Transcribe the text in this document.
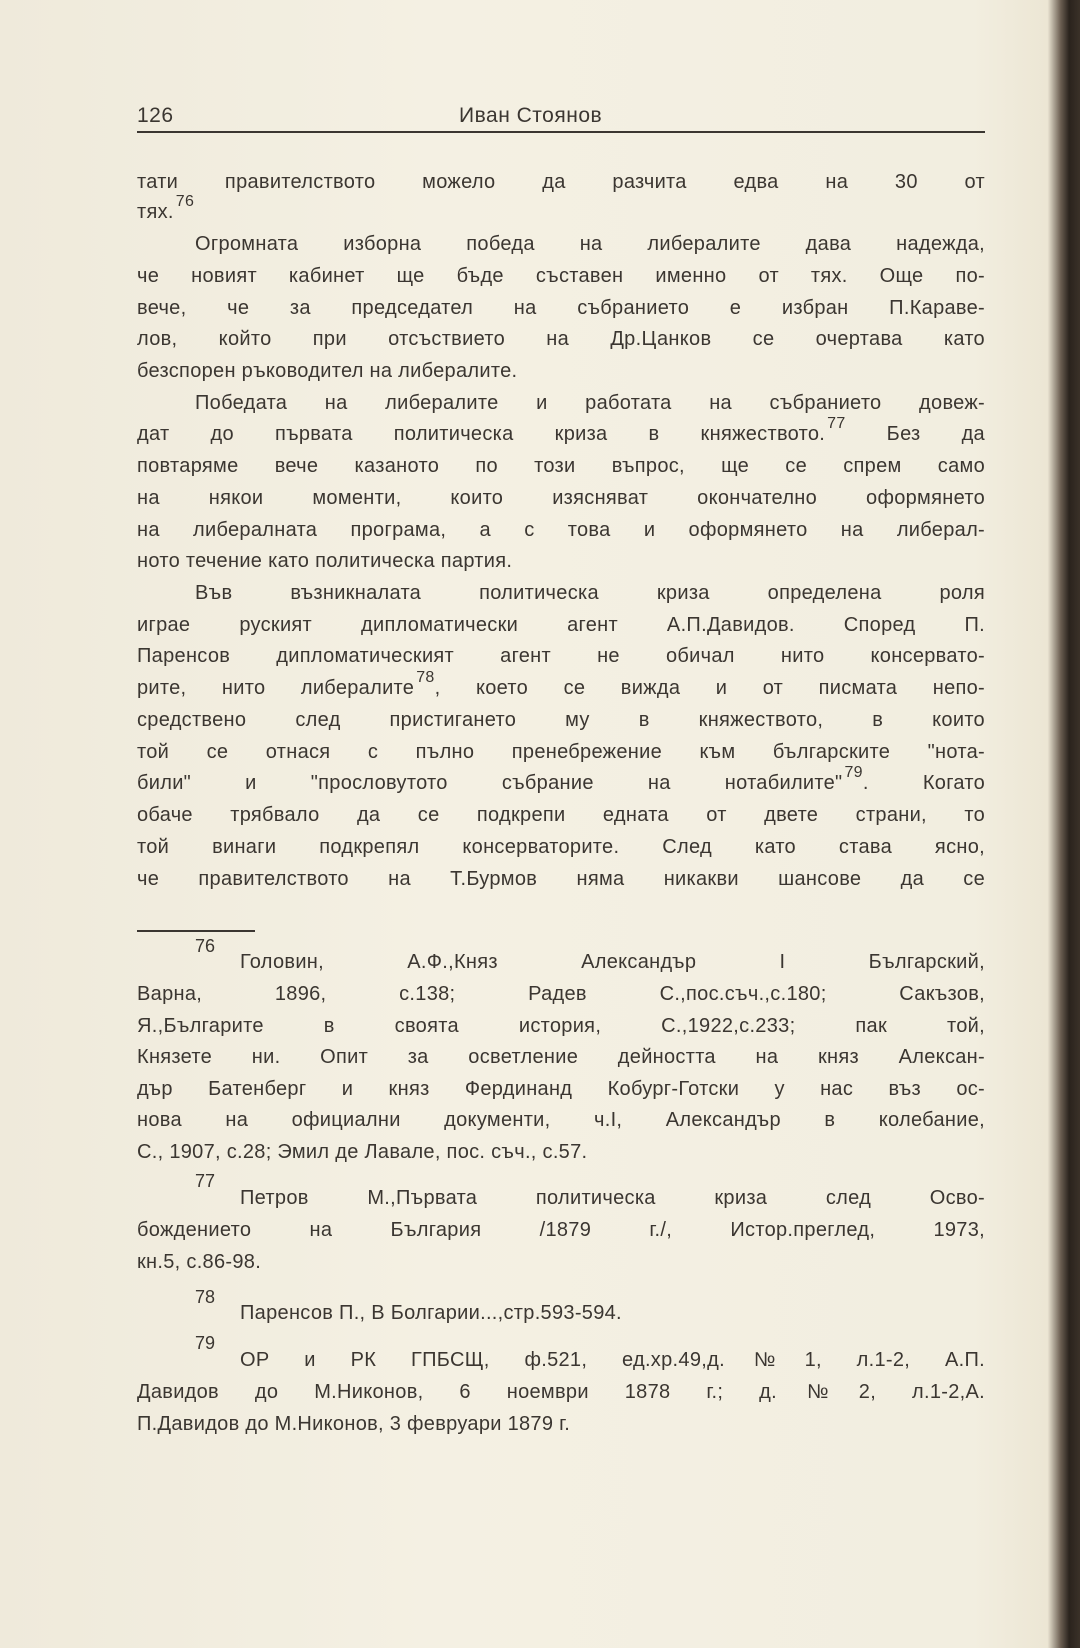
126	Иван Стоянов
тати правителството можело да разчита едва на 30 от
тях. $^{76}$
Огромната изборна победа на либералите дава надежда,
че новият кабинет ще бъде съставен именно от тях. Още по-
вече, че за председател на събранието е избран П.Караве-
лов, който при отсъствието на Др.Цанков се очертава като
безспорен ръководител на либералите.
Победата на либералите и работата на събранието довеж-
дат до първата политическа криза в княжеството. $^{77}$ Без да
повтаряме вече казаното по този въпрос, ще се спрем само
на някои моменти, които изясняват окончателно оформянето
на либералната програма, а с това и оформянето на либерал-
ното течение като политическа партия.
Във възникналата политическа криза определена роля
играе руският дипломатически агент А.П.Давидов. Според П.
Паренсов дипломатическият агент не обичал нито консервато-
рите, нито либералите $^{78}$, което се вижда и от писмата непо-
средствено след пристигането му в княжеството, в които
той се отнася с пълно пренебрежение към българските "нота-
били" и "прословутото събрание на нотабилите" $^{79}$. Когато
обаче трябвало да се подкрепи едната от двете страни, то
той винаги подкрепял консерваторите. След като става ясно,
че правителството на Т.Бурмов няма никакви шансове да се
76
Головин, А.Ф.,Княз Александър I Българский,
Варна, 1896, с.138; Радев С.,пос.съч.,с.180; Сакъзов,
Я.,Българите в своята история, С.,1922,с.233; пак той,
Князете ни. Опит за осветление дейността на княз Алексан-
дър Батенберг и княз Фердинанд Кобург-Готски у нас въз ос-
нова на официални документи, ч.I, Александър в колебание,
С., 1907, с.28; Эмил де Лавале, пос. съч., с.57.
77
Петров М.,Първата политическа криза след Осво-
бождението на България /1879 г./, Истор.преглед, 1973,
кн.5, с.86-98.
78
Паренсов П., В Болгарии...,стр.593-594.
79
ОР и РК ГПБСЩ, ф.521, ед.хр.49,д.№1, л.1-2, А.П.
Давидов до М.Никонов, 6 ноември 1878 г.; д.№2, л.1-2,А.
П.Давидов до М.Никонов, 3 февруари 1879 г.
